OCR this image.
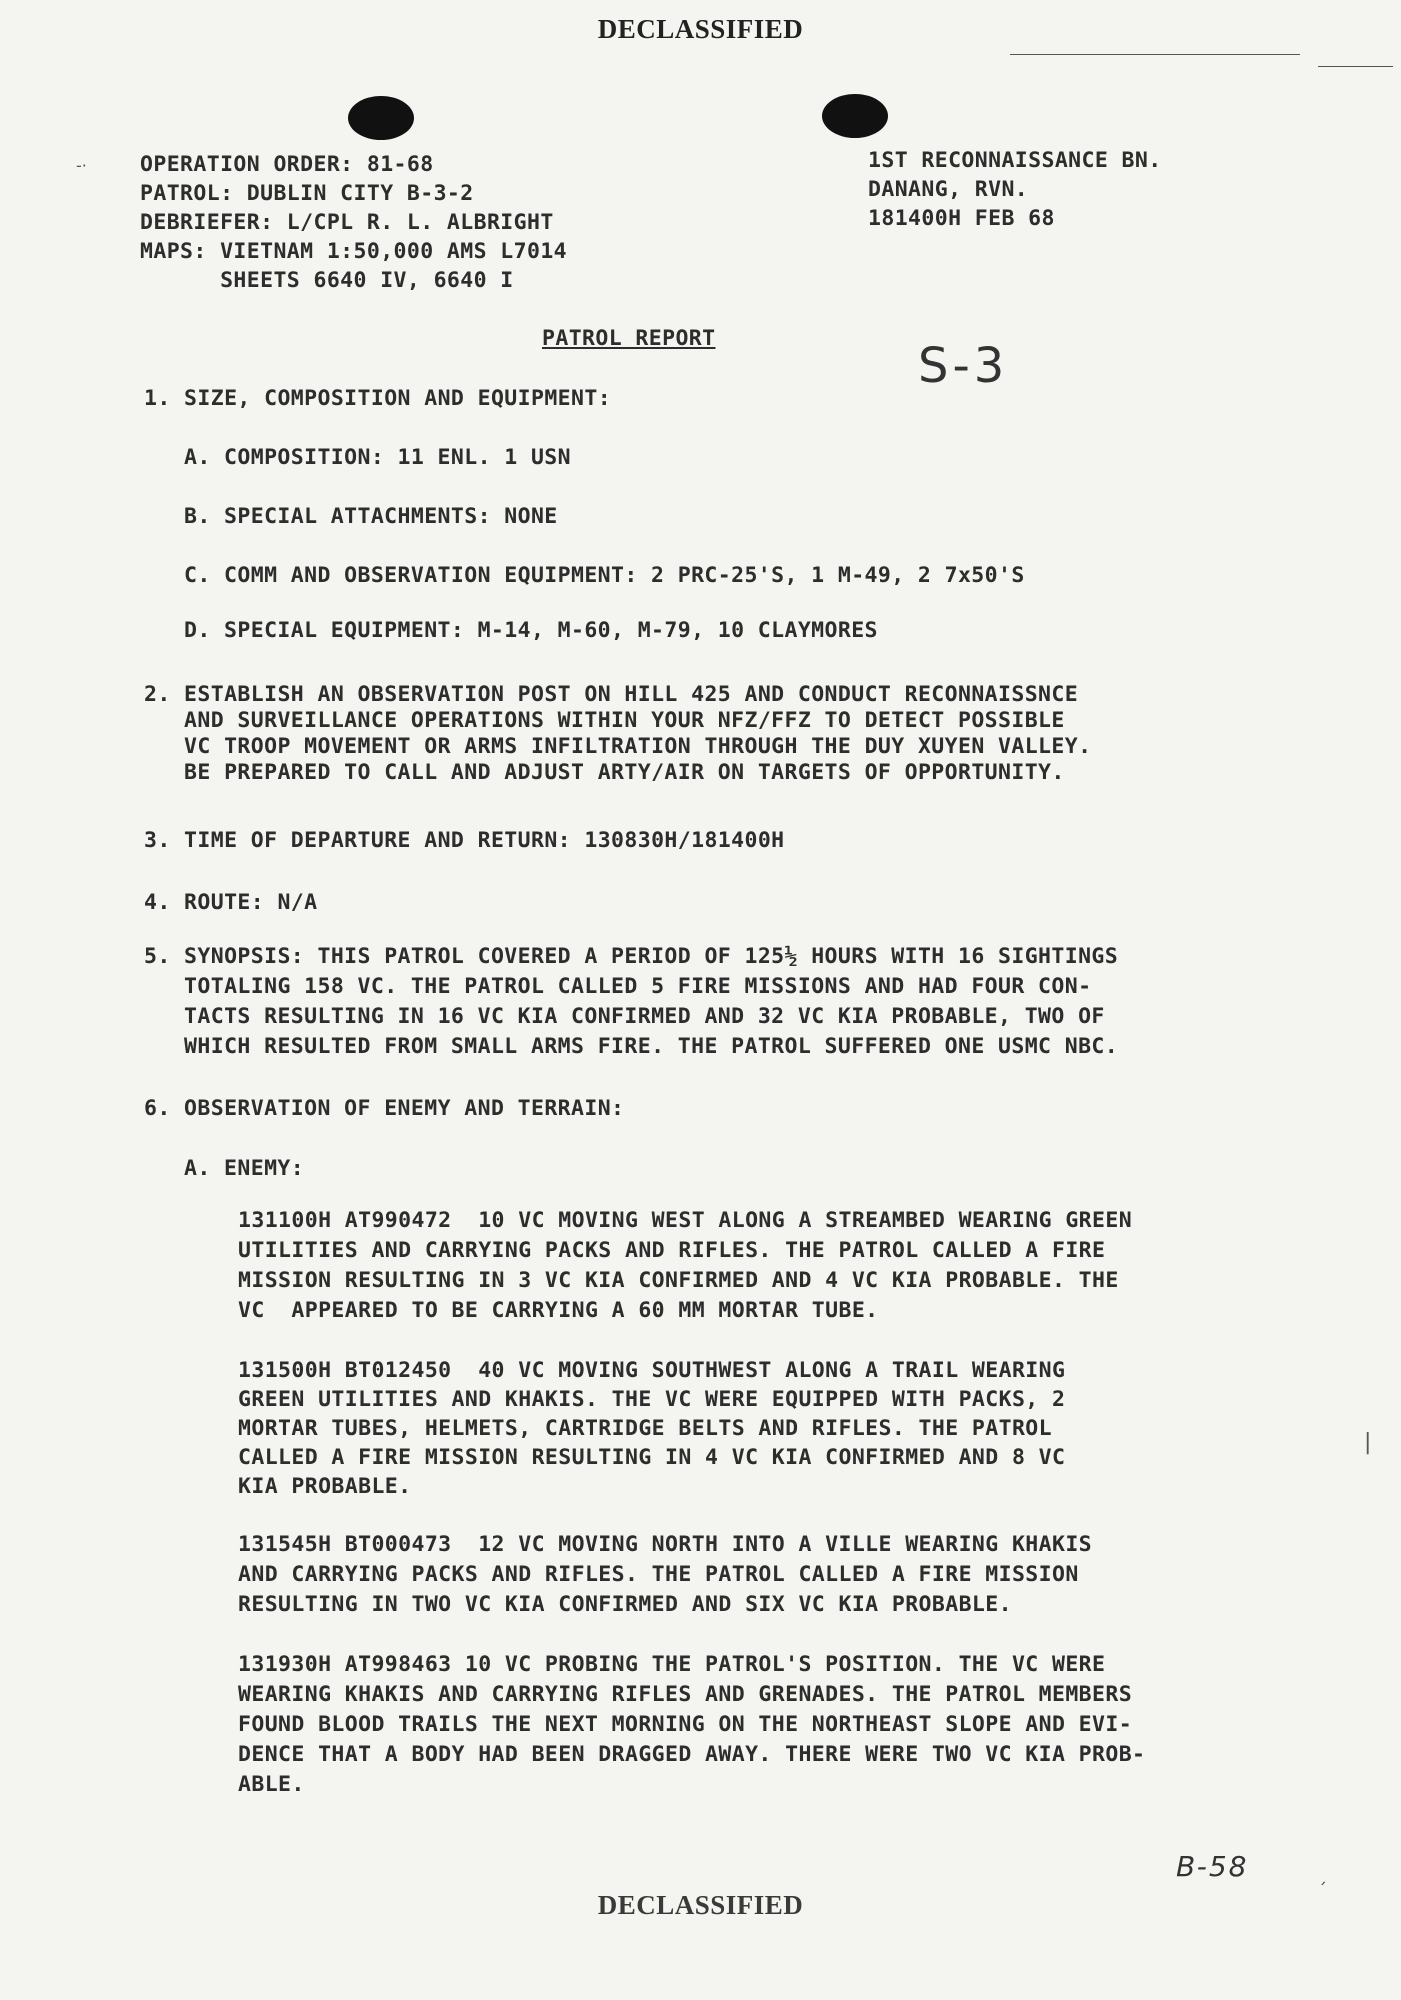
DECLASSIFIED
-· OPERATION ORDER: 81-68
PATROL: DUBLIN CITY B-3-2
DEBRIEFER: L/CPL R. L. ALBRIGHT
MAPS: VIETNAM 1:50,000 AMS L7014
SHEETS 6640 IV, 6640 I
1ST RECONNAISSANCE BN.
DANANG, RVN.
181400H FEB 68
PATROL REPORT	S-3
1. SIZE, COMPOSITION AND EQUIPMENT:
A. COMPOSITION: 11 ENL. 1 USN
B. SPECIAL ATTACHMENTS: NONE
C. COMM AND OBSERVATION EQUIPMENT: 2 PRC-25'S, 1 M-49, 2 7x50'S
D. SPECIAL EQUIPMENT: M-14, M-60, M-79, 10 CLAYMORES
2. ESTABLISH AN OBSERVATION POST ON HILL 425 AND CONDUCT RECONNAISSNCE
AND SURVEILLANCE OPERATIONS WITHIN YOUR NFZ/FFZ TO DETECT POSSIBLE
VC TROOP MOVEMENT OR ARMS INFILTRATION THROUGH THE DUY XUYEN VALLEY.
BE PREPARED TO CALL AND ADJUST ARTY/AIR ON TARGETS OF OPPORTUNITY.
3. TIME OF DEPARTURE AND RETURN: 130830H/181400H
4. ROUTE: N/A
5. SYNOPSIS: THIS PATROL COVERED A PERIOD OF 125½ HOURS WITH 16 SIGHTINGS
TOTALING 158 VC. THE PATROL CALLED 5 FIRE MISSIONS AND HAD FOUR CON-
TACTS RESULTING IN 16 VC KIA CONFIRMED AND 32 VC KIA PROBABLE, TWO OF
WHICH RESULTED FROM SMALL ARMS FIRE. THE PATROL SUFFERED ONE USMC NBC.
6. OBSERVATION OF ENEMY AND TERRAIN:
A. ENEMY:
131100H AT990472  10 VC MOVING WEST ALONG A STREAMBED WEARING GREEN
UTILITIES AND CARRYING PACKS AND RIFLES. THE PATROL CALLED A FIRE
MISSION RESULTING IN 3 VC KIA CONFIRMED AND 4 VC KIA PROBABLE. THE
VC  APPEARED TO BE CARRYING A 60 MM MORTAR TUBE.
131500H BT012450  40 VC MOVING SOUTHWEST ALONG A TRAIL WEARING
GREEN UTILITIES AND KHAKIS. THE VC WERE EQUIPPED WITH PACKS, 2
MORTAR TUBES, HELMETS, CARTRIDGE BELTS AND RIFLES. THE PATROL
CALLED A FIRE MISSION RESULTING IN 4 VC KIA CONFIRMED AND 8 VC
KIA PROBABLE.
131545H BT000473  12 VC MOVING NORTH INTO A VILLE WEARING KHAKIS
AND CARRYING PACKS AND RIFLES. THE PATROL CALLED A FIRE MISSION
RESULTING IN TWO VC KIA CONFIRMED AND SIX VC KIA PROBABLE.
131930H AT998463 10 VC PROBING THE PATROL'S POSITION. THE VC WERE
WEARING KHAKIS AND CARRYING RIFLES AND GRENADES. THE PATROL MEMBERS
FOUND BLOOD TRAILS THE NEXT MORNING ON THE NORTHEAST SLOPE AND EVI-
DENCE THAT A BODY HAD BEEN DRAGGED AWAY. THERE WERE TWO VC KIA PROB-
ABLE.
B-58
|
´
DECLASSIFIED
